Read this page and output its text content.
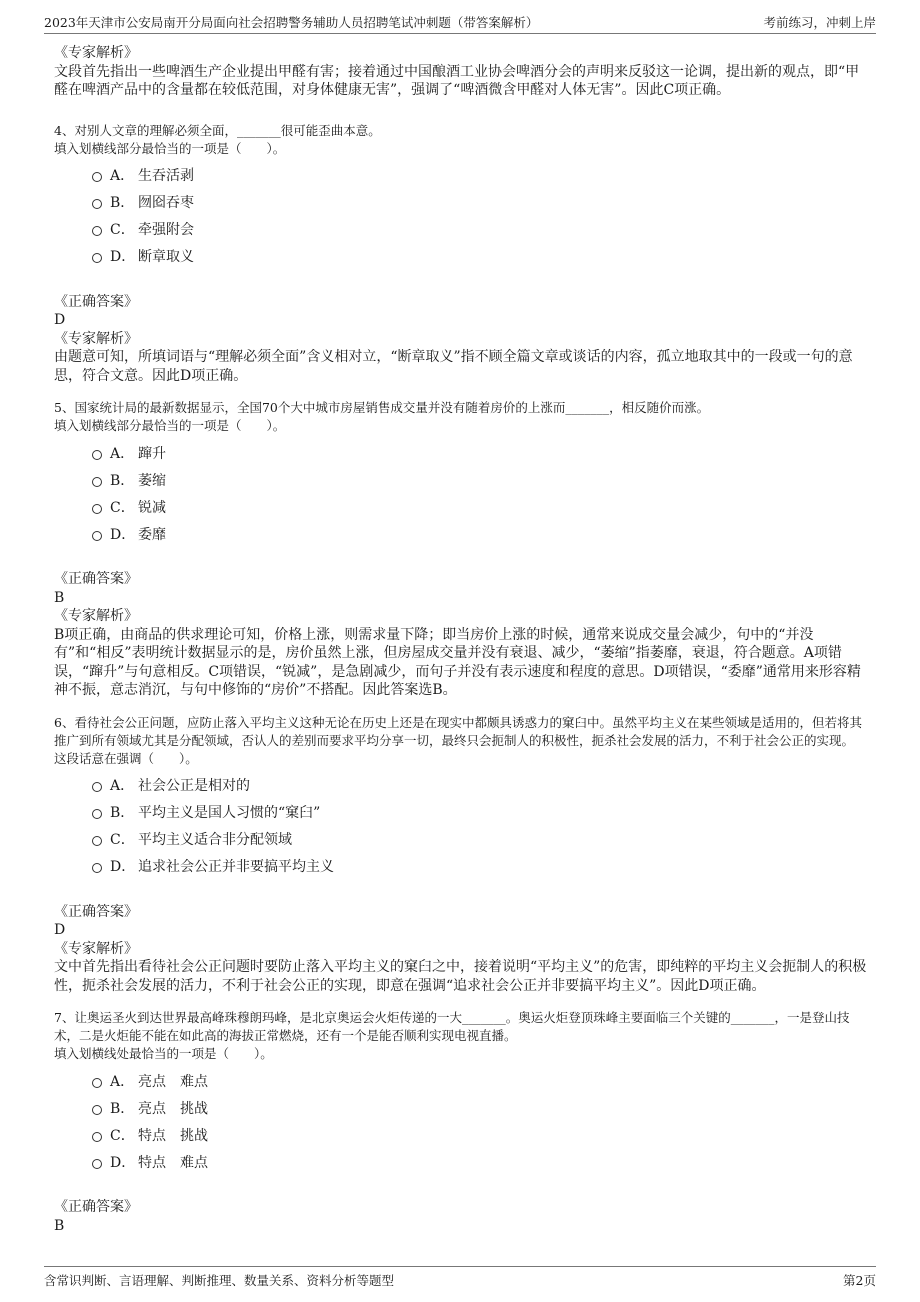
2023年天津市公安局南开分局面向社会招聘警务辅助人员招聘笔试冲刺题（带答案解析）	考前练习，冲刺上岸

《专家解析》

文段首先指出一些啤酒生产企业提出甲醛有害；接着通过中国酿酒工业协会啤酒分会的声明来反驳这一论调，提出新的观点，即“甲醛在啤酒产品中的含量都在较低范围，对身体健康无害”，强调了“啤酒微含甲醛对人体无害”。因此C项正确。

4、对别人文章的理解必须全面，_______很可能歪曲本意。

填入划横线部分最恰当的一项是（　　）。

A． 生吞活剥
B． 囫囵吞枣
C． 牵强附会
D． 断章取义

《正确答案》

D

《专家解析》

由题意可知，所填词语与“理解必须全面”含义相对立，“断章取义”指不顾全篇文章或谈话的内容，孤立地取其中的一段或一句的意思，符合文意。因此D项正确。

5、国家统计局的最新数据显示，全国70个大中城市房屋销售成交量并没有随着房价的上涨而_______，相反随价而涨。

填入划横线部分最恰当的一项是（　　）。

A． 蹿升
B． 萎缩
C． 锐减
D． 委靡

《正确答案》

B

《专家解析》

B项正确，由商品的供求理论可知，价格上涨，则需求量下降；即当房价上涨的时候，通常来说成交量会减少，句中的“并没有”和“相反”表明统计数据显示的是，房价虽然上涨，但房屋成交量并没有衰退、减少，“萎缩”指萎靡，衰退，符合题意。A项错误，“蹿升”与句意相反。C项错误，“锐减”，是急剧减少，而句子并没有表示速度和程度的意思。D项错误，“委靡”通常用来形容精神不振，意志消沉，与句中修饰的“房价”不搭配。因此答案选B。

6、看待社会公正问题，应防止落入平均主义这种无论在历史上还是在现实中都颇具诱惑力的窠臼中。虽然平均主义在某些领域是适用的，但若将其推广到所有领域尤其是分配领域，否认人的差别而要求平均分享一切，最终只会扼制人的积极性，扼杀社会发展的活力，不利于社会公正的实现。

这段话意在强调（　　）。

A． 社会公正是相对的
B． 平均主义是国人习惯的“窠臼”
C． 平均主义适合非分配领域
D． 追求社会公正并非要搞平均主义

《正确答案》

D

《专家解析》

文中首先指出看待社会公正问题时要防止落入平均主义的窠臼之中，接着说明“平均主义”的危害，即纯粹的平均主义会扼制人的积极性，扼杀社会发展的活力，不利于社会公正的实现，即意在强调“追求社会公正并非要搞平均主义”。因此D项正确。

7、让奥运圣火到达世界最高峰珠穆朗玛峰，是北京奥运会火炬传递的一大_______。奥运火炬登顶珠峰主要面临三个关键的_______，一是登山技术，二是火炬能不能在如此高的海拔正常燃烧，还有一个是能否顺利实现电视直播。

填入划横线处最恰当的一项是（　　）。

A． 亮点　难点
B． 亮点　挑战
C． 特点　挑战
D． 特点　难点

《正确答案》

B

含常识判断、言语理解、判断推理、数量关系、资料分析等题型	第2页
